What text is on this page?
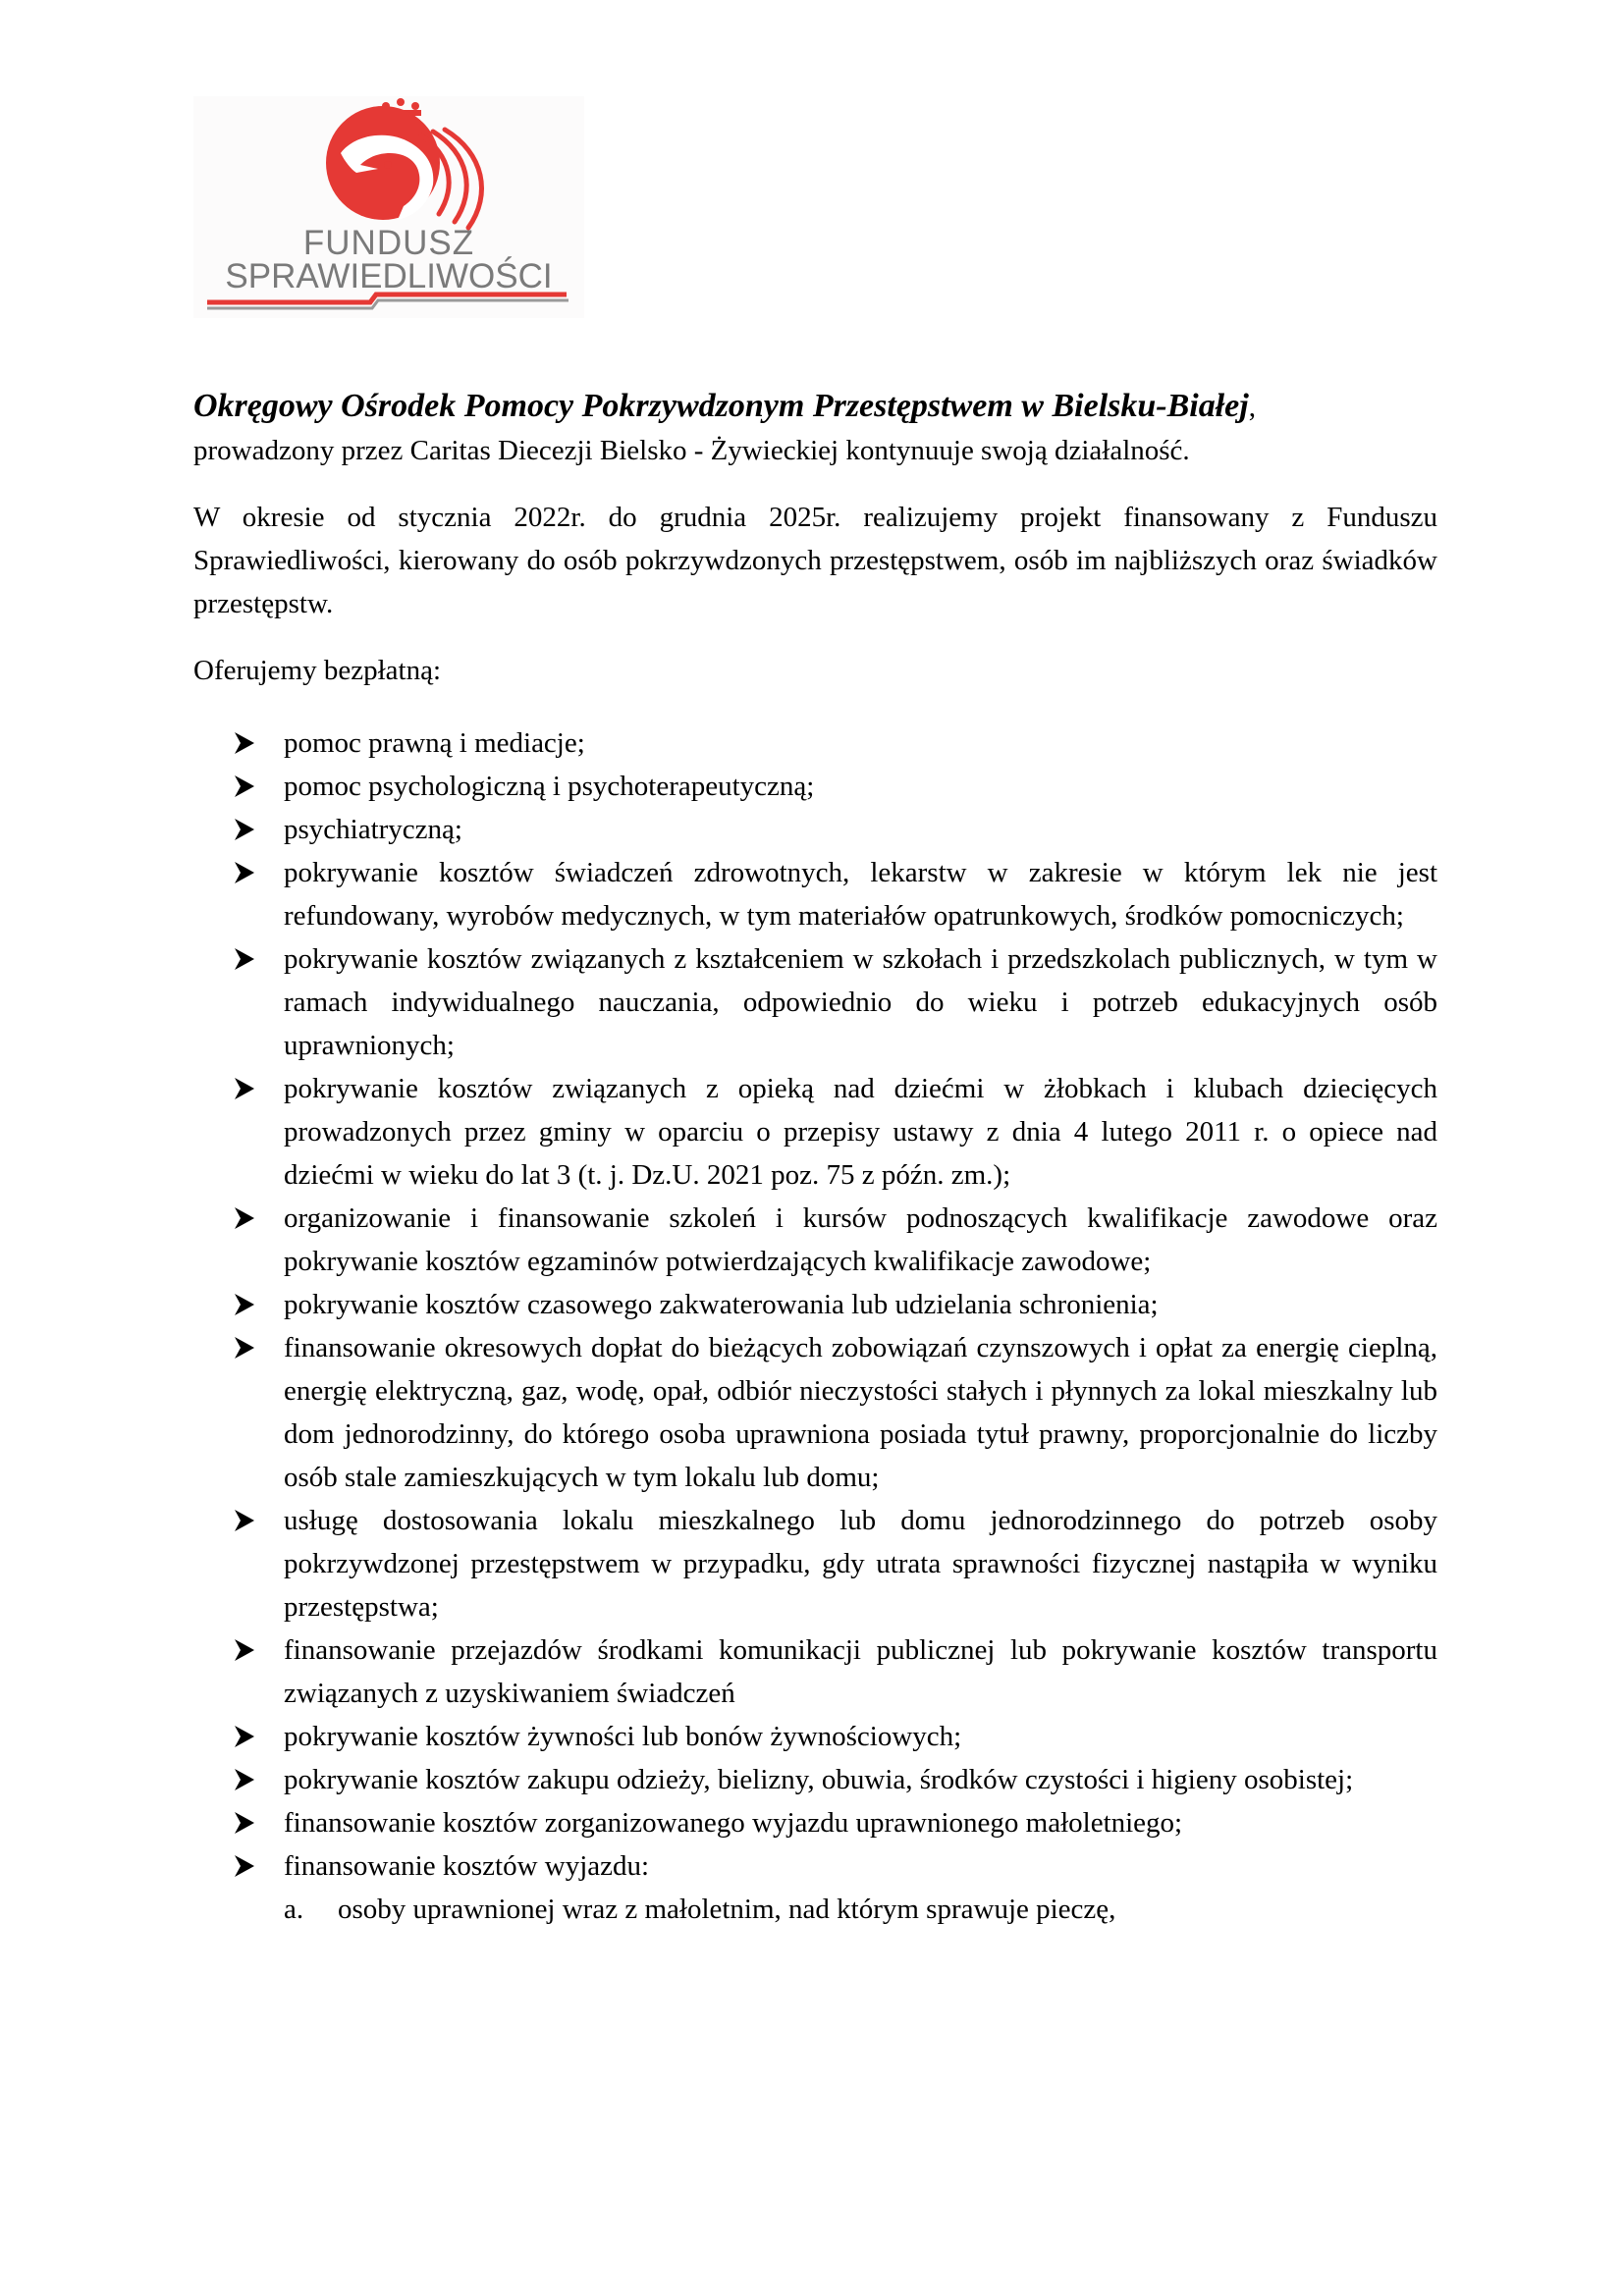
FUNDUSZ
SPRAWIEDLIWOŚCI
Okręgowy Ośrodek Pomocy Pokrzywdzonym Przestępstwem w Bielsku-Białej,

prowadzony przez Caritas Diecezji Bielsko - Żywieckiej kontynuuje swoją działalność.

W okresie od stycznia 2022r. do grudnia 2025r. realizujemy projekt finansowany z Funduszu Sprawiedliwości, kierowany do osób pokrzywdzonych przestępstwem, osób im najbliższych oraz świadków przestępstw.

Oferujemy bezpłatną:

pomoc prawną i mediacje;
pomoc psychologiczną i psychoterapeutyczną;
psychiatryczną;
pokrywanie kosztów świadczeń zdrowotnych, lekarstw w zakresie w którym lek nie jest refundowany, wyrobów medycznych, w tym materiałów opatrunkowych, środków pomocniczych;
pokrywanie kosztów związanych z kształceniem w szkołach i przedszkolach publicznych, w tym w ramach indywidualnego nauczania, odpowiednio do wieku i potrzeb edukacyjnych osób uprawnionych;
pokrywanie kosztów związanych z opieką nad dziećmi w żłobkach i klubach dziecięcych prowadzonych przez gminy w oparciu o przepisy ustawy z dnia 4 lutego 2011 r. o opiece nad dziećmi w wieku do lat 3 (t. j. Dz.U. 2021 poz. 75 z późn. zm.);
organizowanie i finansowanie szkoleń i kursów podnoszących kwalifikacje zawodowe oraz pokrywanie kosztów egzaminów potwierdzających kwalifikacje zawodowe;
pokrywanie kosztów czasowego zakwaterowania lub udzielania schronienia;
finansowanie okresowych dopłat do bieżących zobowiązań czynszowych i opłat za energię cieplną, energię elektryczną, gaz, wodę, opał, odbiór nieczystości stałych i płynnych za lokal mieszkalny lub dom jednorodzinny, do którego osoba uprawniona posiada tytuł prawny, proporcjonalnie do liczby osób stale zamieszkujących w tym lokalu lub domu;
usługę dostosowania lokalu mieszkalnego lub domu jednorodzinnego do potrzeb osoby pokrzywdzonej przestępstwem w przypadku, gdy utrata sprawności fizycznej nastąpiła w wyniku przestępstwa;
finansowanie przejazdów środkami komunikacji publicznej lub pokrywanie kosztów transportu związanych z uzyskiwaniem świadczeń
pokrywanie kosztów żywności lub bonów żywnościowych;
pokrywanie kosztów zakupu odzieży, bielizny, obuwia, środków czystości i higieny osobistej;
finansowanie kosztów zorganizowanego wyjazdu uprawnionego małoletniego;
finansowanie kosztów wyjazdu:
a. osoby uprawnionej wraz z małoletnim, nad którym sprawuje pieczę,
